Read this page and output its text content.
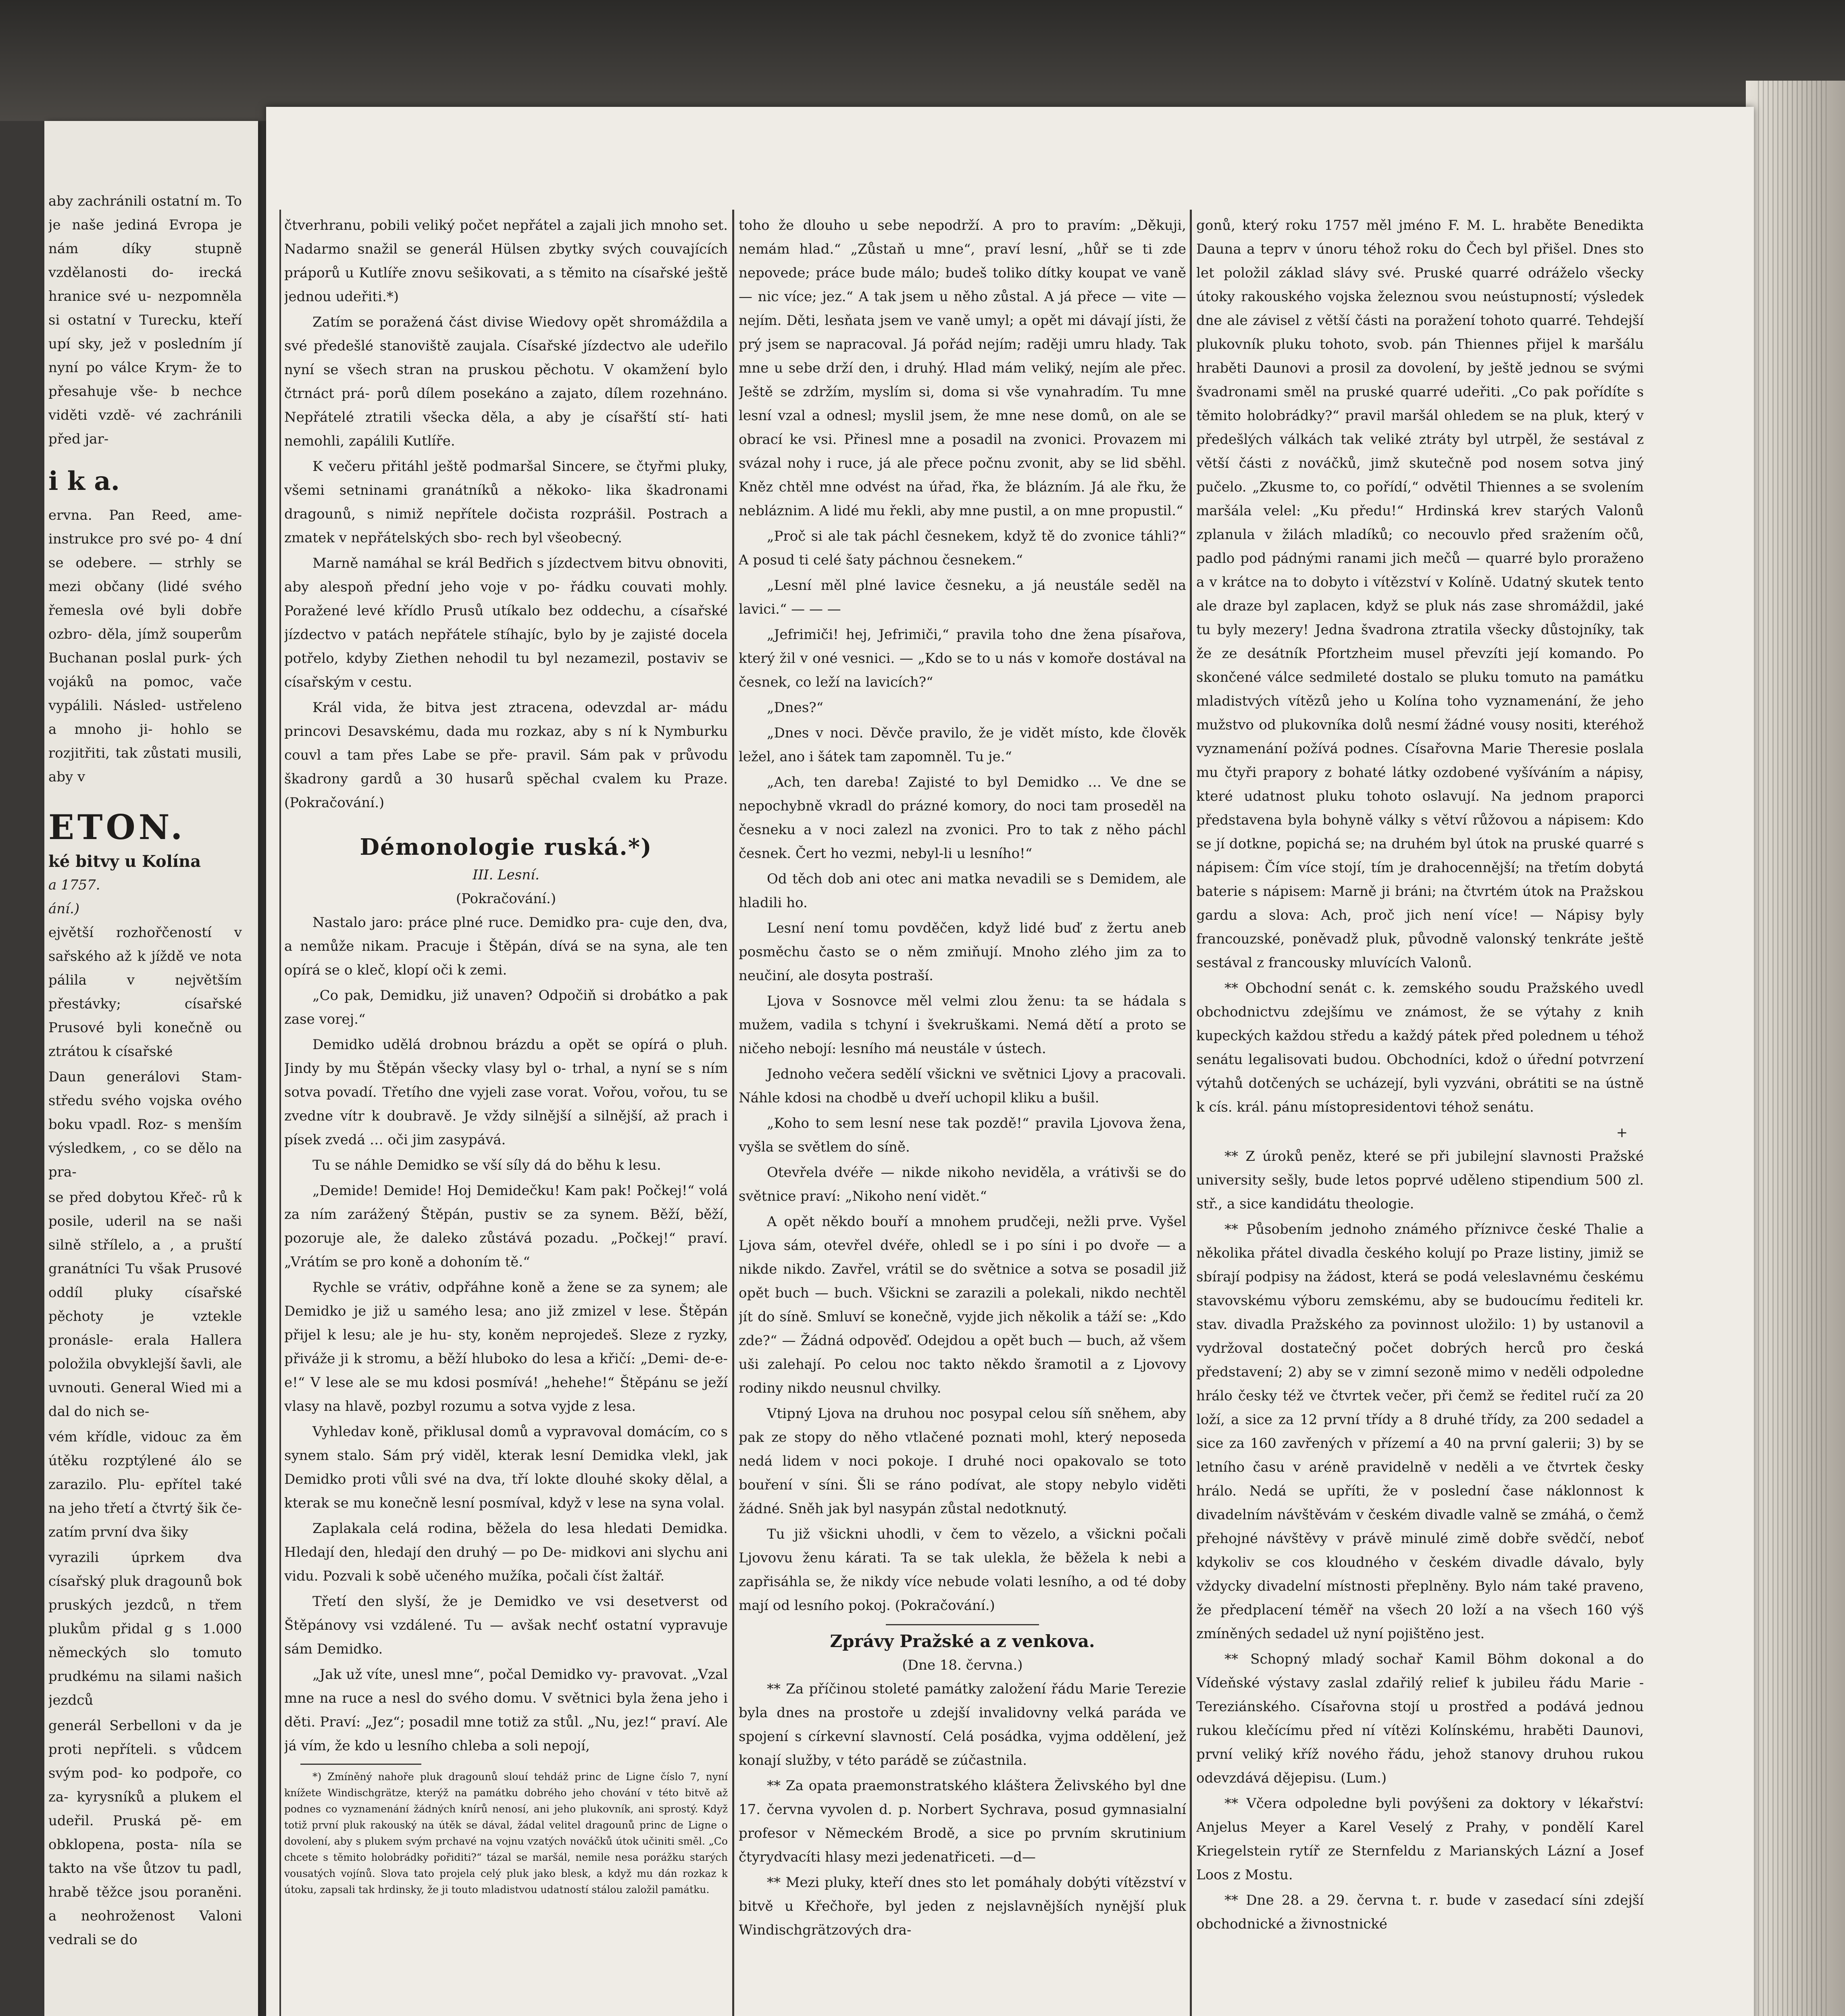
aby zachránili ostatní m. To je naše jediná Evropa je nám díky stupně vzdělanosti do- irecká hranice své u- nezpomněla si ostatní v Turecku, kteří upí sky, jež v posledním jí nyní po válce Krym- že to přesahuje vše- b nechce viděti vzdě- vé zachránili před jar-

i k a.

ervna. Pan Reed, ame- instrukce pro své po- 4 dní se odebere. — strhly se mezi občany (lidé svého řemesla ové byli dobře ozbro- děla, jímž souperům Buchanan poslal purk- ých vojáků na pomoc, vače vypálili. Násled- ustřeleno a mnoho ji- hohlo se rozjitřiti, tak zůstati musili, aby v

ETON.
ké bitvy u Kolína
a 1757.
ání.)

ejvětší rozhořčeností v sařského až k jíždě ve nota pálila v největším přestávky; císařské Prusové byli konečně ou ztrátou k císařské

Daun generálovi Stam- středu svého vojska ového boku vpadl. Roz- s menším výsledkem, , co se dělo na pra-

se před dobytou Křeč- rů k posile, uderil na se naši silně střílelo, a , a pruští granátníci Tu však Prusové oddíl pluky císařské pěchoty je vztekle pronásle- erala Hallera položila obvyklejší šavli, ale uvnouti. General Wied mi a dal do nich se-

vém křídle, vidouc za ěm útěku rozptýlené álo se zarazilo. Plu- epřítel také na jeho třetí a čtvrtý šik če- zatím první dva šiky

vyrazili úprkem dva císařský pluk dragounů bok pruských jezdců, n třem plukům přidal g s 1.000 německých slo tomuto prudkému na silami našich jezdců

generál Serbelloni v da je proti nepříteli. s vůdcem svým pod- ko podpoře, co za- kyrysníků a plukem el udeřil. Pruská pě- em obklopena, posta- níla se takto na vše ůtzov tu padl, hrabě těžce jsou poraněni. a neohroženost Valoni vedrali se do

čtverhranu, pobili veliký počet nepřátel a zajali jich mnoho set. Nadarmo snažil se generál Hülsen zbytky svých couvajících práporů u Kutlíře znovu sešikovati, a s těmito na císařské ještě jednou udeřiti.*)

Zatím se poražená část divise Wiedovy opět shromáždila a své předešlé stanoviště zaujala. Císařské jízdectvo ale udeřilo nyní se všech stran na pruskou pěchotu. V okamžení bylo čtrnáct prá- porů dílem posekáno a zajato, dílem rozehnáno. Nepřátelé ztratili všecka děla, a aby je císařští stí- hati nemohli, zapálili Kutlíře.

K večeru přitáhl ještě podmaršal Sincere, se čtyřmi pluky, všemi setninami granátníků a někoko- lika škadronami dragounů, s nimiž nepřítele dočista rozprášil. Postrach a zmatek v nepřátelských sbo- rech byl všeobecný.

Marně namáhal se král Bedřich s jízdectvem bitvu obnoviti, aby alespoň přední jeho voje v po- řádku couvati mohly. Poražené levé křídlo Prusů utíkalo bez oddechu, a císařské jízdectvo v patách nepřátele stíhajíc, bylo by je zajisté docela potřelo, kdyby Ziethen nehodil tu byl nezamezil, postaviv se císařským v cestu.

Král vida, že bitva jest ztracena, odevzdal ar- mádu princovi Desavskému, dada mu rozkaz, aby s ní k Nymburku couvl a tam přes Labe se pře- pravil. Sám pak v průvodu škadrony gardů a 30 husarů spěchal cvalem ku Praze. (Pokračování.)

Démonologie ruská.*)
III. Lesní.
(Pokračování.)

Nastalo jaro: práce plné ruce. Demidko pra- cuje den, dva, a nemůže nikam. Pracuje i Štěpán, dívá se na syna, ale ten opírá se o kleč, klopí oči k zemi.

„Co pak, Demidku, již unaven? Odpočiň si drobátko a pak zase vorej.“

Demidko udělá drobnou brázdu a opět se opírá o pluh. Jindy by mu Štěpán všecky vlasy byl o- trhal, a nyní se s ním sotva povadí. Třetího dne vyjeli zase vorat. Vořou, vořou, tu se zvedne vítr k doubravě. Je vždy silnější a silnější, až prach i písek zvedá … oči jim zasypává.

Tu se náhle Demidko se vší síly dá do běhu k lesu.

„Demide! Demide! Hoj Demidečku! Kam pak! Počkej!“ volá za ním zarážený Štěpán, pustiv se za synem. Běží, běží, pozoruje ale, že daleko zůstává pozadu. „Počkej!“ praví. „Vrátím se pro koně a dohoním tě.“

Rychle se vrátiv, odpřáhne koně a žene se za synem; ale Demidko je již u samého lesa; ano již zmizel v lese. Štěpán přijel k lesu; ale je hu- sty, koněm neprojedeš. Sleze z ryzky, přiváže ji k stromu, a běží hluboko do lesa a křičí: „Demi- de-e-e!“ V lese ale se mu kdosi posmívá! „hehehe!“ Štěpánu se ježí vlasy na hlavě, pozbyl rozumu a sotva vyjde z lesa.

Vyhledav koně, přiklusal domů a vypravoval domácím, co s synem stalo. Sám prý viděl, kterak lesní Demidka vlekl, jak Demidko proti vůli své na dva, tří lokte dlouhé skoky dělal, a kterak se mu konečně lesní posmíval, když v lese na syna volal.

Zaplakala celá rodina, běžela do lesa hledati Demidka. Hledají den, hledají den druhý — po De- midkovi ani slychu ani vidu. Pozvali k sobě učeného mužíka, počali číst žaltář.

Třetí den slyší, že je Demidko ve vsi desetverst od Štěpánovy vsi vzdálené. Tu — avšak nechť ostatní vypravuje sám Demidko.

„Jak už víte, unesl mne“, počal Demidko vy- pravovat. „Vzal mne na ruce a nesl do svého domu. V světnici byla žena jeho i děti. Praví: „Jez“; posadil mne totiž za stůl. „Nu, jez!“ praví. Ale já vím, že kdo u lesního chleba a soli nepojí,

*) Zmíněný nahoře pluk dragounů slouí tehdáž princ de Ligne číslo 7, nyní knížete Windischgrätze, kterýž na památku dobrého jeho chování v této bitvě až podnes co vyznamenání žádných knírů nenosí, ani jeho plukovník, ani sprostý. Když totiž první pluk rakouský na útěk se dával, žádal velitel dragounů princ de Ligne o dovolení, aby s plukem svým prchavé na vojnu vzatých nováčků útok učiniti směl. „Co chcete s těmito holobrádky pořiditi?“ tázal se maršál, nemile nesa porážku starých vousatých vojínů. Slova tato projela celý pluk jako blesk, a když mu dán rozkaz k útoku, zapsali tak hrdinsky, že ji touto mladistvou udatností stálou založil památku.

toho že dlouho u sebe nepodrží. A pro to pravím: „Děkuji, nemám hlad.“ „Zůstaň u mne“, praví lesní, „hůř se ti zde nepovede; práce bude málo; budeš toliko dítky koupat ve vaně — nic více; jez.“ A tak jsem u něho zůstal. A já přece — vite — nejím. Děti, lesňata jsem ve vaně umyl; a opět mi dávají jísti, že prý jsem se napracoval. Já pořád nejím; raději umru hlady. Tak mne u sebe drží den, i druhý. Hlad mám veliký, nejím ale přec. Ještě se zdržím, myslím si, doma si vše vynahradím. Tu mne lesní vzal a odnesl; myslil jsem, že mne nese domů, on ale se obrací ke vsi. Přinesl mne a posadil na zvonici. Provazem mi svázal nohy i ruce, já ale přece počnu zvonit, aby se lid sběhl. Kněz chtěl mne odvést na úřad, řka, že blázním. Já ale řku, že nebláznim. A lidé mu řekli, aby mne pustil, a on mne propustil.“

„Proč si ale tak páchl česnekem, když tě do zvonice táhli?“ A posud ti celé šaty páchnou česnekem.“

„Lesní měl plné lavice česneku, a já neustále seděl na lavici.“ — — —

„Jefrimiči! hej, Jefrimiči,“ pravila toho dne žena písařova, který žil v oné vesnici. — „Kdo se to u nás v komoře dostával na česnek, co leží na lavicích?“

„Dnes?“

„Dnes v noci. Děvče pravilo, že je vidět místo, kde člověk ležel, ano i šátek tam zapomněl. Tu je.“

„Ach, ten dareba! Zajisté to byl Demidko … Ve dne se nepochybně vkradl do prázné komory, do noci tam proseděl na česneku a v noci zalezl na zvonici. Pro to tak z něho páchl česnek. Čert ho vezmi, nebyl-li u lesního!“

Od těch dob ani otec ani matka nevadili se s Demidem, ale hladili ho.

Lesní není tomu povděčen, když lidé buď z žertu aneb posměchu často se o něm zmiňují. Mnoho zlého jim za to neučiní, ale dosyta postraší.

Ljova v Sosnovce měl velmi zlou ženu: ta se hádala s mužem, vadila s tchyní i švekruškami. Nemá dětí a proto se ničeho nebojí: lesního má neustále v ústech.

Jednoho večera sedělí všickni ve světnici Ljovy a pracovali. Náhle kdosi na chodbě u dveří uchopil kliku a bušil.

„Koho to sem lesní nese tak pozdě!“ pravila Ljovova žena, vyšla se světlem do síně.

Otevřela dvéře — nikde nikoho neviděla, a vrátivši se do světnice praví: „Nikoho není vidět.“

A opět někdo bouří a mnohem prudčeji, nežli prve. Vyšel Ljova sám, otevřel dvéře, ohledl se i po síni i po dvoře — a nikde nikdo. Zavřel, vrátil se do světnice a sotva se posadil již opět buch — buch. Všickni se zarazili a polekali, nikdo nechtěl jít do síně. Smluví se konečně, vyjde jich několik a táží se: „Kdo zde?“ — Žádná odpověď. Odejdou a opět buch — buch, až všem uši zalehají. Po celou noc takto někdo šramotil a z Ljovovy rodiny nikdo neusnul chvilky.

Vtipný Ljova na druhou noc posypal celou síň sněhem, aby pak ze stopy do něho vtlačené poznati mohl, který neposeda nedá lidem v noci pokoje. I druhé noci opakovalo se toto bouření v síni. Šli se ráno podívat, ale stopy nebylo viděti žádné. Sněh jak byl nasypán zůstal nedotknutý.

Tu již všickni uhodli, v čem to vězelo, a všickni počali Ljovovu ženu kárati. Ta se tak ulekla, že běžela k nebi a zapřisáhla se, že nikdy více nebude volati lesního, a od té doby mají od lesního pokoj. (Pokračování.)

Zprávy Pražské a z venkova.
(Dne 18. června.)

** Za příčinou stoleté památky založení řádu Marie Terezie byla dnes na prostoře u zdejší invalidovny velká paráda ve spojení s církevní slavností. Celá posádka, vyjma oddělení, jež konají služby, v této parádě se zúčastnila.

** Za opata praemonstratského kláštera Želivského byl dne 17. června vyvolen d. p. Norbert Sychrava, posud gymnasialní profesor v Německém Brodě, a sice po prvním skrutinium čtyrydvacíti hlasy mezi jedenatřiceti. —d—

** Mezi pluky, kteří dnes sto let pomáhaly dobýti vítězství v bitvě u Křečhoře, byl jeden z nejslavnějších nynější pluk Windischgrätzových dra-

gonů, který roku 1757 měl jméno F. M. L. hraběte Benedikta Dauna a teprv v únoru téhož roku do Čech byl přišel. Dnes sto let položil základ slávy své. Pruské quarré odráželo všecky útoky rakouského vojska železnou svou neústupností; výsledek dne ale závisel z větší části na poražení tohoto quarré. Tehdejší plukovník pluku tohoto, svob. pán Thiennes přijel k maršálu hraběti Daunovi a prosil za dovolení, by ještě jednou se svými švadronami směl na pruské quarré udeřiti. „Co pak pořídíte s těmito holobrádky?“ pravil maršál ohledem se na pluk, který v předešlých válkách tak veliké ztráty byl utrpěl, že sestával z větší části z nováčků, jimž skutečně pod nosem sotva jiný pučelo. „Zkusme to, co pořídí,“ odvětil Thiennes a se svolením maršála velel: „Ku předu!“ Hrdinská krev starých Valonů zplanula v žilách mladíků; co necouvlo před sražením očů, padlo pod pádnými ranami jich mečů — quarré bylo proraženo a v krátce na to dobyto i vítězství v Kolíně. Udatný skutek tento ale draze byl zaplacen, když se pluk nás zase shromáždil, jaké tu byly mezery! Jedna švadrona ztratila všecky důstojníky, tak že ze desátník Pfortzheim musel převzíti její komando. Po skončené válce sedmileté dostalo se pluku tomuto na památku mladistvých vítězů jeho u Kolína toho vyznamenání, že jeho mužstvo od plukovníka dolů nesmí žádné vousy nositi, kteréhož vyznamenání požívá podnes. Císařovna Marie Theresie poslala mu čtyři prapory z bohaté látky ozdobené vyšíváním a nápisy, které udatnost pluku tohoto oslavují. Na jednom praporci představena byla bohyně války s větví růžovou a nápisem: Kdo se jí dotkne, popichá se; na druhém byl útok na pruské quarré s nápisem: Čím více stojí, tím je drahocennější; na třetím dobytá baterie s nápisem: Marně ji bráni; na čtvrtém útok na Pražskou gardu a slova: Ach, proč jich není více! — Nápisy byly francouzské, poněvadž pluk, původně valonský tenkráte ještě sestával z francousky mluvících Valonů.

** Obchodní senát c. k. zemského soudu Pražského uvedl obchodnictvu zdejšímu ve známost, že se výtahy z knih kupeckých každou středu a každý pátek před polednem u téhož senátu legalisovati budou. Obchodníci, kdož o úřední potvrzení výtahů dotčených se ucházejí, byli vyzváni, obrátiti se na ústně k cís. král. pánu místopresidentovi téhož senátu.

+

** Z úroků peněz, které se při jubilejní slavnosti Pražské university sešly, bude letos poprvé uděleno stipendium 500 zl. stř., a sice kandidátu theologie.

** Působením jednoho známého příznivce české Thalie a několika přátel divadla českého kolují po Praze listiny, jimiž se sbírají podpisy na žádost, která se podá veleslavnému českému stavovskému výboru zemskému, aby se budoucímu řediteli kr. stav. divadla Pražského za povinnost uložilo: 1) by ustanovil a vydržoval dostatečný počet dobrých herců pro česká představení; 2) aby se v zimní sezoně mimo v neděli odpoledne hrálo česky též ve čtvrtek večer, při čemž se ředitel ručí za 20 loží, a sice za 12 první třídy a 8 druhé třídy, za 200 sedadel a sice za 160 zavřených v přízemí a 40 na první galerii; 3) by se letního času v aréně pravidelně v neděli a ve čtvrtek česky hrálo. Nedá se upříti, že v poslední čase náklonnost k divadelním návštěvám v českém divadle valně se zmáhá, o čemž přehojné návštěvy v právě minulé zimě dobře svědčí, neboť kdykoliv se cos kloudného v českém divadle dávalo, byly vždycky divadelní místnosti přeplněny. Bylo nám také praveno, že předplacení téměř na všech 20 loží a na všech 160 výš zmíněných sedadel už nyní pojištěno jest.

** Schopný mladý sochař Kamil Böhm dokonal a do Vídeňské výstavy zaslal zdařilý relief k jubileu řádu Marie - Tereziánského. Císařovna stojí u prostřed a podává jednou rukou klečícímu před ní vítězi Kolínskému, hraběti Daunovi, první veliký kříž nového řádu, jehož stanovy druhou rukou odevzdává dějepisu. (Lum.)

** Včera odpoledne byli povýšeni za doktory v lékařství: Anjelus Meyer a Karel Veselý z Prahy, v pondělí Karel Kriegelstein rytíř ze Sternfeldu z Marianských Lázní a Josef Loos z Mostu.

** Dne 28. a 29. června t. r. bude v zasedací síni zdejší obchodnické a živnostnické
